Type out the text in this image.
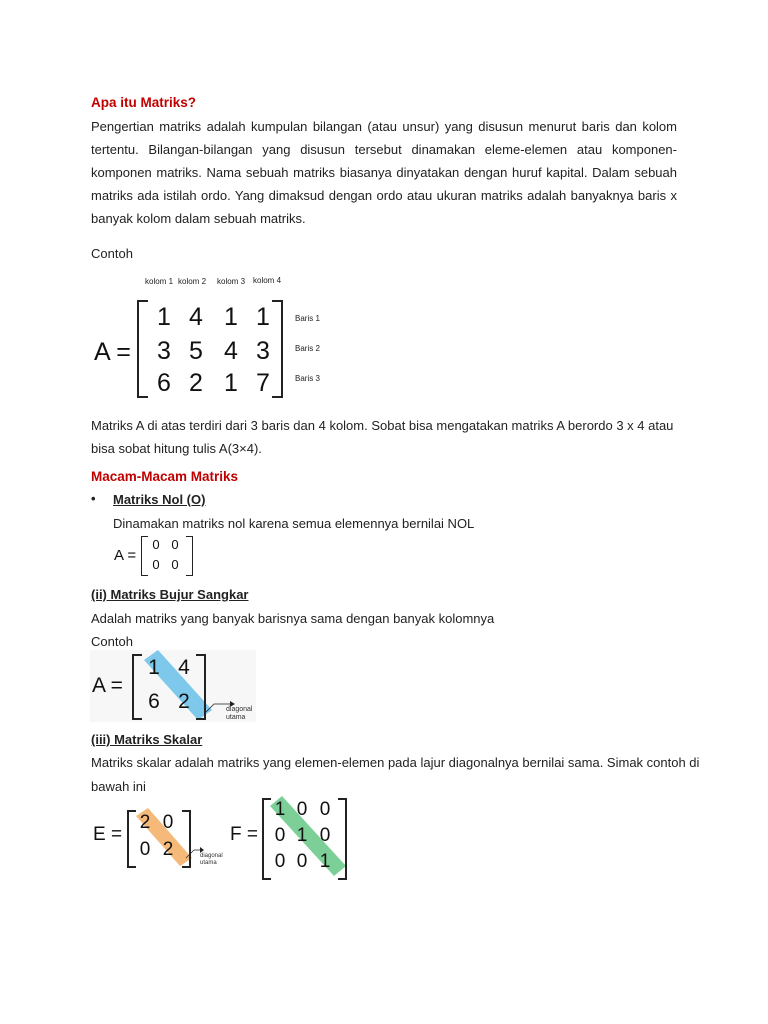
Apa itu Matriks?
Pengertian matriks adalah kumpulan bilangan (atau unsur) yang disusun menurut baris dan kolom tertentu. Bilangan-bilangan yang disusun tersebut dinamakan eleme-elemen atau komponen-komponen matriks. Nama sebuah matriks biasanya dinyatakan dengan huruf kapital. Dalam sebuah matriks ada istilah ordo. Yang dimaksud dengan ordo atau ukuran matriks adalah banyaknya baris x banyak kolom dalam sebuah matriks.
Contoh
kolom 1 kolom 2 kolom 3 kolom 4
A =
1 4 1 1
3 5 4 3
6 2 1 7
Baris 1
Baris 2
Baris 3
Matriks A di atas terdiri dari 3 baris dan 4 kolom. Sobat bisa mengatakan matriks A berordo 3 x 4 atau
bisa sobat hitung tulis A(3×4).
Macam-Macam Matriks
• Matriks Nol (O)
Dinamakan matriks nol karena semua elemennya bernilai NOL
A =
0 0
0 0
(ii) Matriks Bujur Sangkar
Adalah matriks yang banyak barisnya sama dengan banyak kolomnya
Contoh
A =
1 4
6 2	diagonal
utama
(iii) Matriks Skalar
Matriks skalar adalah matriks yang elemen-elemen pada lajur diagonalnya bernilai sama. Simak contoh di
bawah ini
E =
2 0
0 2	diagonal
utama
F =
1 0 0
0 1 0
0 0 1
